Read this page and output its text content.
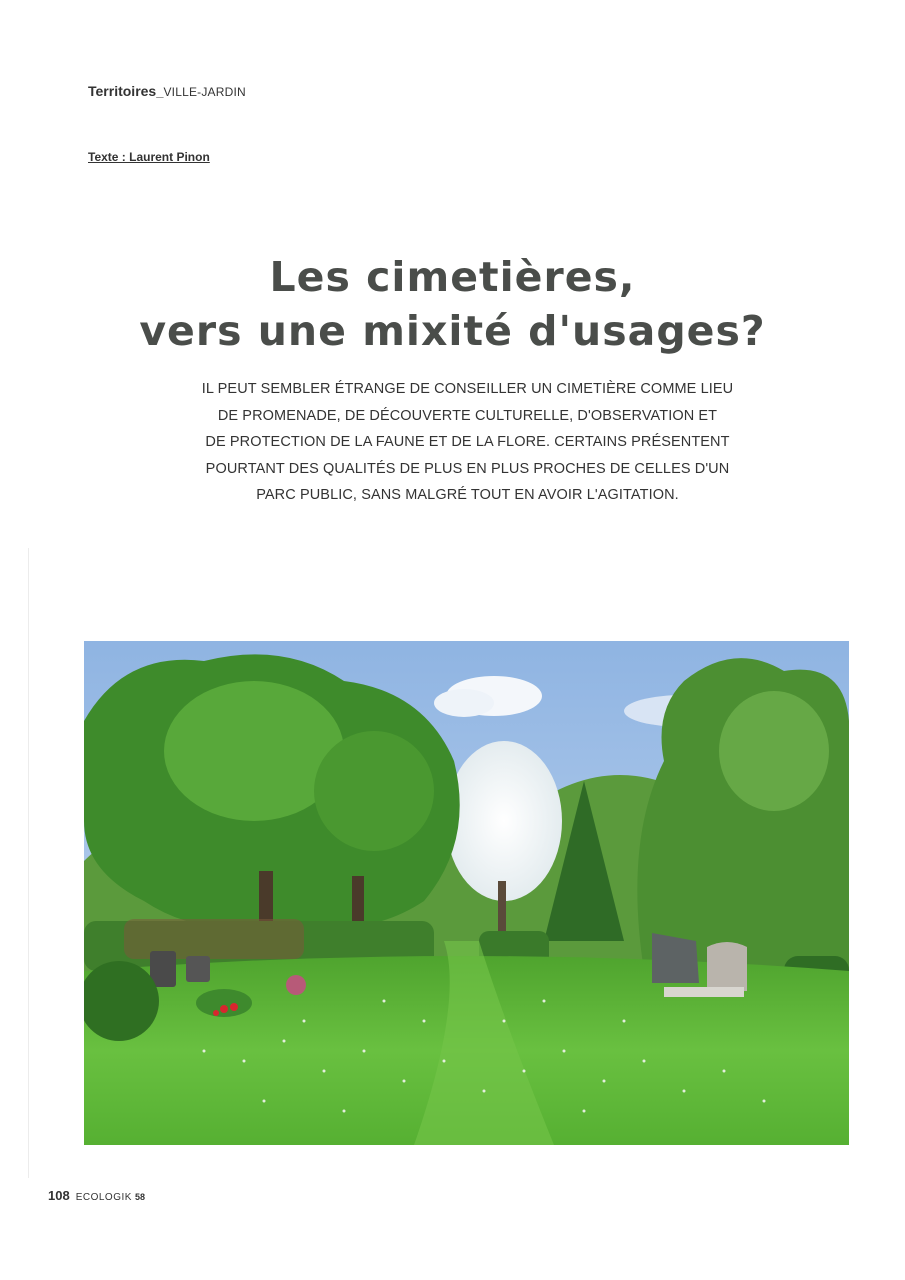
Territoires_VILLE-JARDIN
Texte : Laurent Pinon
Les cimetières,
vers une mixité d'usages?
IL PEUT SEMBLER ÉTRANGE DE CONSEILLER UN CIMETIÈRE COMME LIEU
DE PROMENADE, DE DÉCOUVERTE CULTURELLE, D'OBSERVATION ET
DE PROTECTION DE LA FAUNE ET DE LA FLORE. CERTAINS PRÉSENTENT
POURTANT DES QUALITÉS DE PLUS EN PLUS PROCHES DE CELLES D'UN
PARC PUBLIC, SANS MALGRÉ TOUT EN AVOIR L'AGITATION.
108 ECOLOGIK 58
